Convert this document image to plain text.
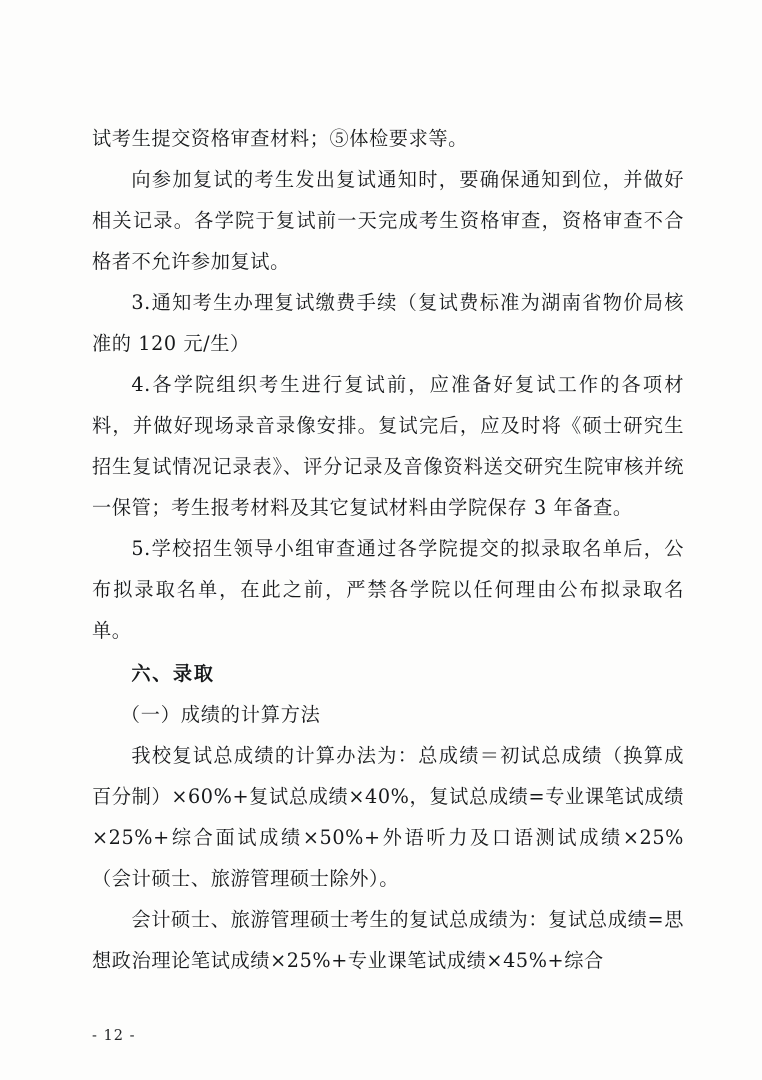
试考生提交资格审查材料；⑤体检要求等。

向参加复试的考生发出复试通知时，要确保通知到位，并做好相关记录。各学院于复试前一天完成考生资格审查，资格审查不合格者不允许参加复试。

3.通知考生办理复试缴费手续（复试费标准为湖南省物价局核准的 120 元/生）

4.各学院组织考生进行复试前，应准备好复试工作的各项材料，并做好现场录音录像安排。复试完后，应及时将《硕士研究生招生复试情况记录表》、评分记录及音像资料送交研究生院审核并统一保管；考生报考材料及其它复试材料由学院保存 3 年备查。

5.学校招生领导小组审查通过各学院提交的拟录取名单后，公布拟录取名单，在此之前，严禁各学院以任何理由公布拟录取名单。

六、录取

（一）成绩的计算方法

我校复试总成绩的计算办法为：总成绩＝初试总成绩（换算成百分制）×60%+复试总成绩×40%，复试总成绩=专业课笔试成绩×25%+综合面试成绩×50%+外语听力及口语测试成绩×25%（会计硕士、旅游管理硕士除外）。

会计硕士、旅游管理硕士考生的复试总成绩为：复试总成绩=思想政治理论笔试成绩×25%+专业课笔试成绩×45%+综合

- 12 -
